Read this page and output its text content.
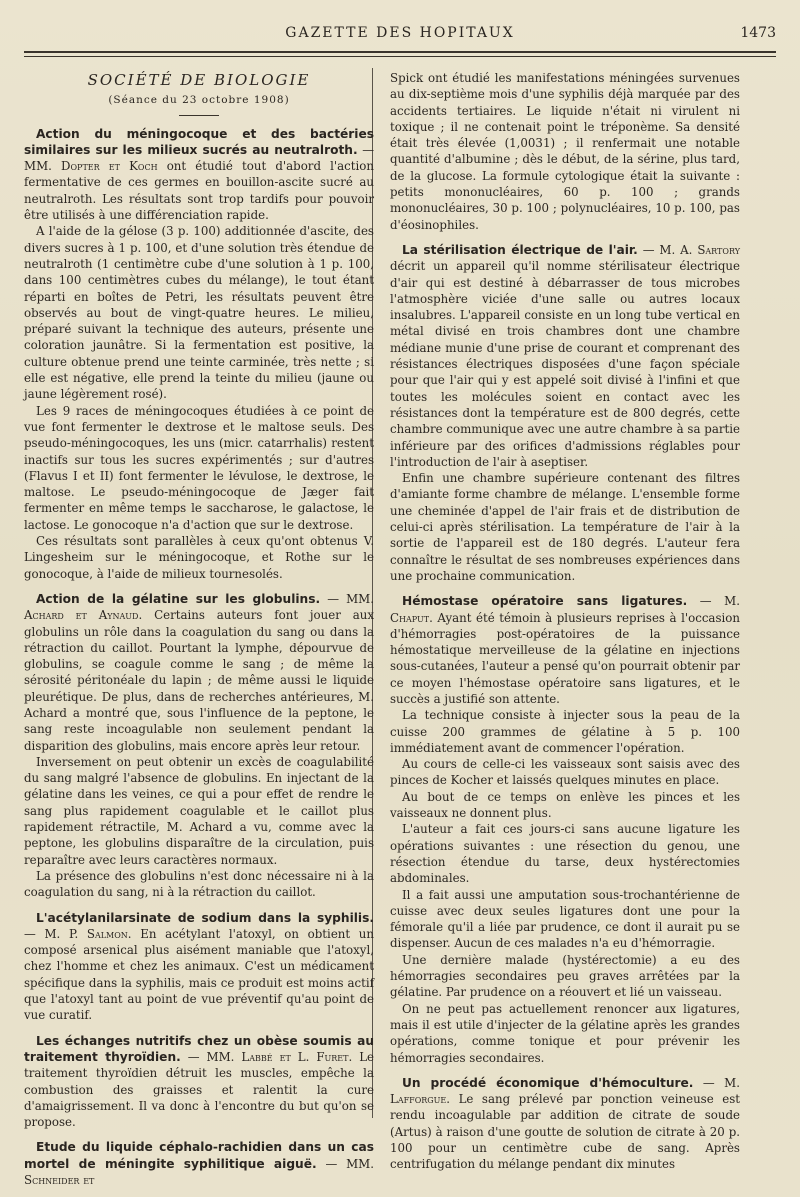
GAZETTE DES HOPITAUX	1473
SOCIÉTÉ DE BIOLOGIE
(Séance du 23 octobre 1908)

Action du méningocoque et des bactéries similaires sur les milieux sucrés au neutralroth. — MM. Dopter et Koch ont étudié tout d'abord l'action fermentative de ces germes en bouillon-ascite sucré au neutralroth. Les résultats sont trop tardifs pour pouvoir être utilisés à une différenciation rapide.

A l'aide de la gélose (3 p. 100) additionnée d'ascite, des divers sucres à 1 p. 100, et d'une solution très étendue de neutralroth (1 centimètre cube d'une solution à 1 p. 100, dans 100 centimètres cubes du mélange), le tout étant réparti en boîtes de Petri, les résultats peuvent être observés au bout de vingt-quatre heures. Le milieu, préparé suivant la technique des auteurs, présente une coloration jaunâtre. Si la fermentation est positive, la culture obtenue prend une teinte carminée, très nette ; si elle est négative, elle prend la teinte du milieu (jaune ou jaune légèrement rosé).

Les 9 races de méningocoques étudiées à ce point de vue font fermenter le dextrose et le maltose seuls. Des pseudo-méningocoques, les uns (micr. catarrhalis) restent inactifs sur tous les sucres expérimentés ; sur d'autres (Flavus I et II) font fermenter le lévulose, le dextrose, le maltose. Le pseudo-méningocoque de Jæger fait fermenter en même temps le saccharose, le galactose, le lactose. Le gonocoque n'a d'action que sur le dextrose.

Ces résultats sont parallèles à ceux qu'ont obtenus V. Lingesheim sur le méningocoque, et Rothe sur le gonocoque, à l'aide de milieux tournesolés.

Action de la gélatine sur les globulins. — MM. Achard et Aynaud. Certains auteurs font jouer aux globulins un rôle dans la coagulation du sang ou dans la rétraction du caillot. Pourtant la lymphe, dépourvue de globulins, se coagule comme le sang ; de même la sérosité péritonéale du lapin ; de même aussi le liquide pleurétique. De plus, dans de recherches antérieures, M. Achard a montré que, sous l'influence de la peptone, le sang reste incoagulable non seulement pendant la disparition des globulins, mais encore après leur retour.

Inversement on peut obtenir un excès de coagulabilité du sang malgré l'absence de globulins. En injectant de la gélatine dans les veines, ce qui a pour effet de rendre le sang plus rapidement coagulable et le caillot plus rapidement rétractile, M. Achard a vu, comme avec la peptone, les globulins disparaître de la circulation, puis reparaître avec leurs caractères normaux.

La présence des globulins n'est donc nécessaire ni à la coagulation du sang, ni à la rétraction du caillot.

L'acétylanilarsinate de sodium dans la syphilis. — M. P. Salmon. En acétylant l'atoxyl, on obtient un composé arsenical plus aisément maniable que l'atoxyl, chez l'homme et chez les animaux. C'est un médicament spécifique dans la syphilis, mais ce produit est moins actif que l'atoxyl tant au point de vue préventif qu'au point de vue curatif.

Les échanges nutritifs chez un obèse soumis au traitement thyroïdien. — MM. Labbé et L. Furet. Le traitement thyroïdien détruit les muscles, empêche la combustion des graisses et ralentit la cure d'amaigrissement. Il va donc à l'encontre du but qu'on se propose.

Etude du liquide céphalo-rachidien dans un cas mortel de méningite syphilitique aiguë. — MM. Schneider et

Spick ont étudié les manifestations méningées survenues au dix-septième mois d'une syphilis déjà marquée par des accidents tertiaires. Le liquide n'était ni virulent ni toxique ; il ne contenait point le tréponème. Sa densité était très élevée (1,0031) ; il renfermait une notable quantité d'albumine ; dès le début, de la sérine, plus tard, de la glucose. La formule cytologique était la suivante : petits mononucléaires, 60 p. 100 ; grands mononucléaires, 30 p. 100 ; polynucléaires, 10 p. 100, pas d'éosinophiles.

La stérilisation électrique de l'air. — M. A. Sartory décrit un appareil qu'il nomme stérilisateur électrique d'air qui est destiné à débarrasser de tous microbes l'atmosphère viciée d'une salle ou autres locaux insalubres. L'appareil consiste en un long tube vertical en métal divisé en trois chambres dont une chambre médiane munie d'une prise de courant et comprenant des résistances électriques disposées d'une façon spéciale pour que l'air qui y est appelé soit divisé à l'infini et que toutes les molécules soient en contact avec les résistances dont la température est de 800 degrés, cette chambre communique avec une autre chambre à sa partie inférieure par des orifices d'admissions réglables pour l'introduction de l'air à aseptiser.

Enfin une chambre supérieure contenant des filtres d'amiante forme chambre de mélange. L'ensemble forme une cheminée d'appel de l'air frais et de distribution de celui-ci après stérilisation. La température de l'air à la sortie de l'appareil est de 180 degrés. L'auteur fera connaître le résultat de ses nombreuses expériences dans une prochaine communication.

Hémostase opératoire sans ligatures. — M. Chaput. Ayant été témoin à plusieurs reprises à l'occasion d'hémorragies post-opératoires de la puissance hémostatique merveilleuse de la gélatine en injections sous-cutanées, l'auteur a pensé qu'on pourrait obtenir par ce moyen l'hémostase opératoire sans ligatures, et le succès a justifié son attente.

La technique consiste à injecter sous la peau de la cuisse 200 grammes de gélatine à 5 p. 100 immédiatement avant de commencer l'opération.

Au cours de celle-ci les vaisseaux sont saisis avec des pinces de Kocher et laissés quelques minutes en place.

Au bout de ce temps on enlève les pinces et les vaisseaux ne donnent plus.

L'auteur a fait ces jours-ci sans aucune ligature les opérations suivantes : une résection du genou, une résection étendue du tarse, deux hystérectomies abdominales.

Il a fait aussi une amputation sous-trochantérienne de cuisse avec deux seules ligatures dont une pour la fémorale qu'il a liée par prudence, ce dont il aurait pu se dispenser. Aucun de ces malades n'a eu d'hémorragie.

Une dernière malade (hystérectomie) a eu des hémorragies secondaires peu graves arrêtées par la gélatine. Par prudence on a réouvert et lié un vaisseau.

On ne peut pas actuellement renoncer aux ligatures, mais il est utile d'injecter de la gélatine après les grandes opérations, comme tonique et pour prévenir les hémorragies secondaires.

Un procédé économique d'hémoculture. — M. Lafforgue. Le sang prélevé par ponction veineuse est rendu incoagulable par addition de citrate de soude (Artus) à raison d'une goutte de solution de citrate à 20 p. 100 pour un centimètre cube de sang. Après centrifugation du mélange pendant dix minutes
